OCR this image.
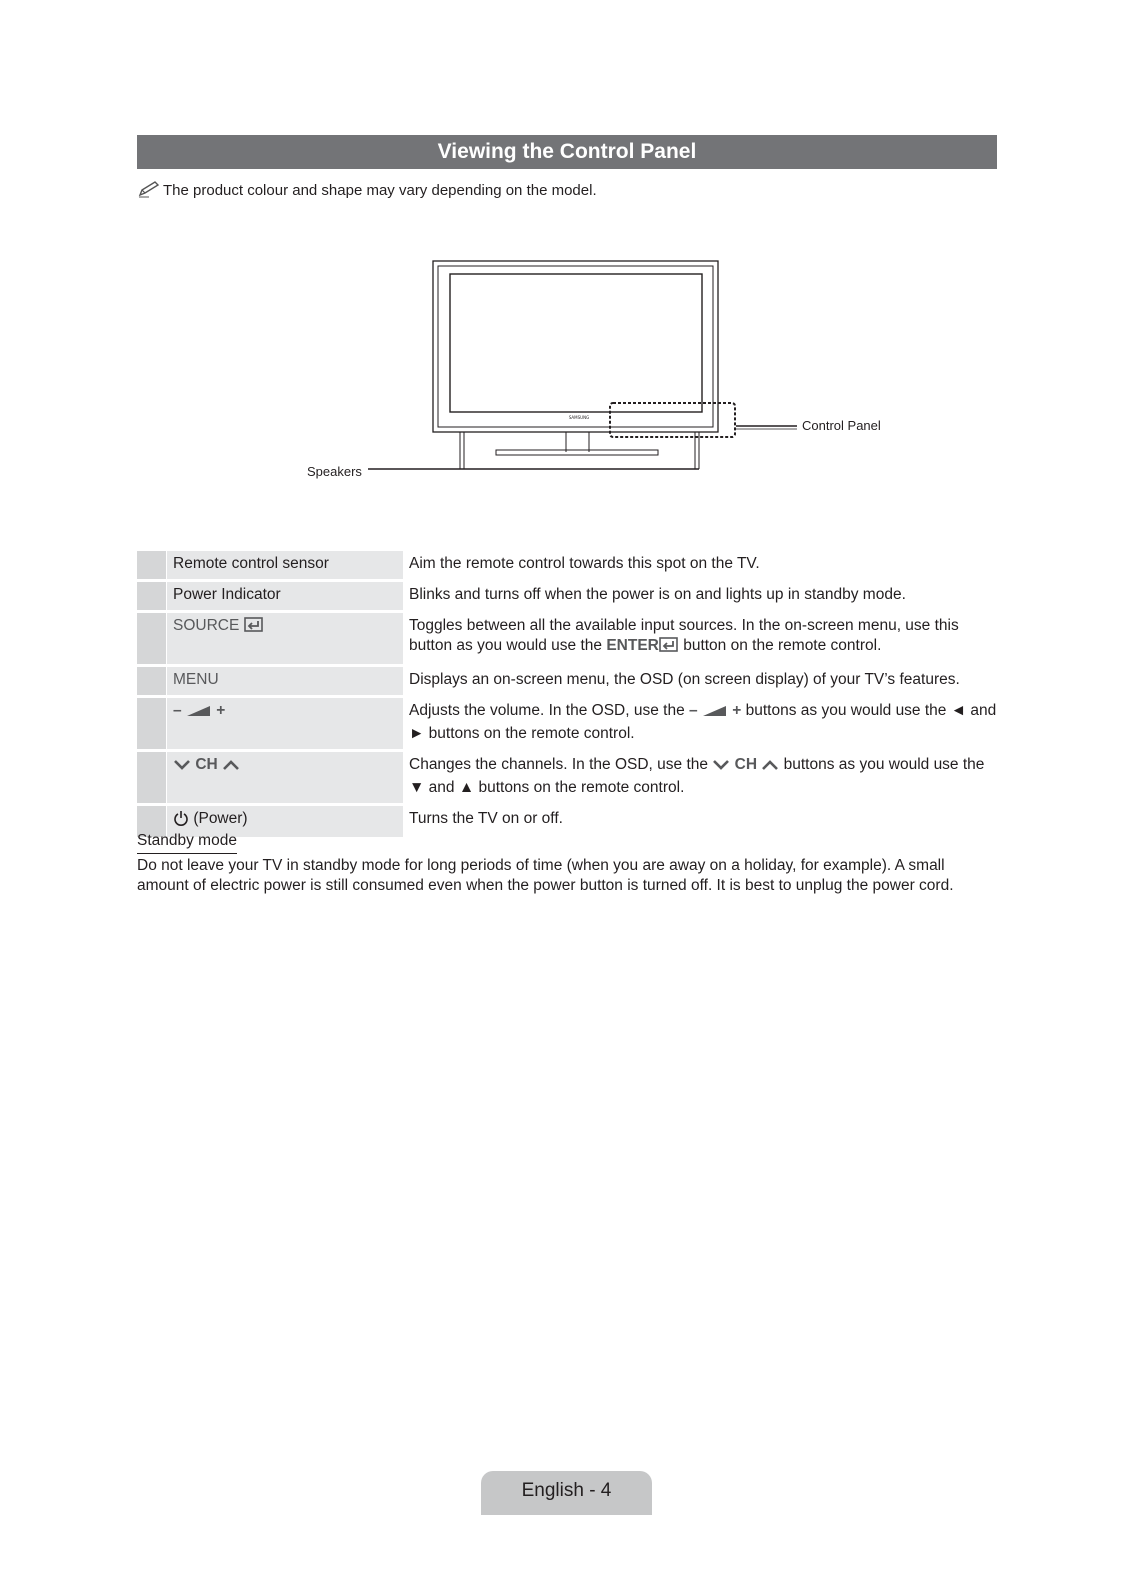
Viewing the Control Panel
The product colour and shape may vary depending on the model.
SAMSUNG
Control Panel
Speakers
	Remote control sensor	Aim the remote control towards this spot on the TV.
	Power Indicator	Blinks and turns off when the power is on and lights up in standby mode.
	SOURCE	Toggles between all the available input sources. In the on-screen menu, use this button as you would use the ENTER button on the remote control.
	MENU	Displays an on-screen menu, the OSD (on screen display) of your TV’s features.
	– +	Adjusts the volume. In the OSD, use the – + buttons as you would use the ◄ and ► buttons on the remote control.
	CH	Changes the channels. In the OSD, use the  CH  buttons as you would use the ▼ and ▲ buttons on the remote control.
	(Power)	Turns the TV on or off.
Standby mode
Do not leave your TV in standby mode for long periods of time (when you are away on a holiday, for example). A small amount of electric power is still consumed even when the power button is turned off. It is best to unplug the power cord.
English - 4
